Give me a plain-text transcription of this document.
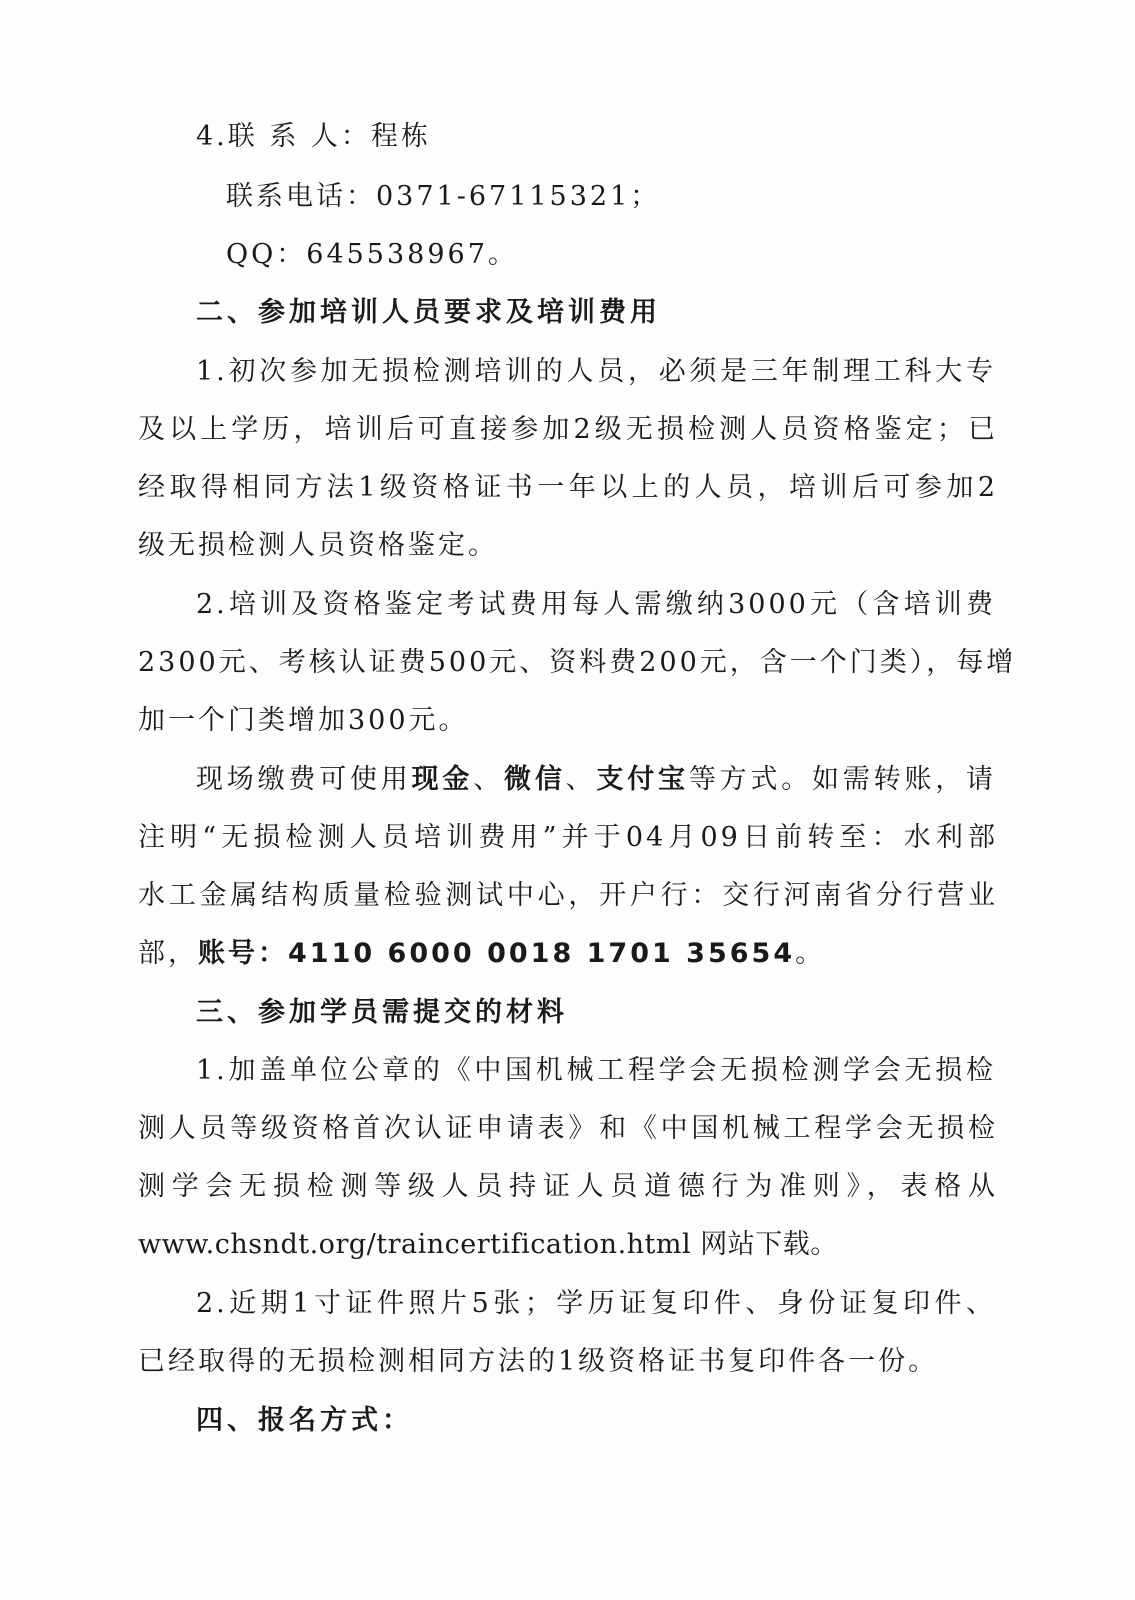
4.联 系 人：程栋
联系电话：0371-67115321；
QQ：645538967。
二、参加培训人员要求及培训费用
1.初次参加无损检测培训的人员，必须是三年制理工科大专
及以上学历，培训后可直接参加2级无损检测人员资格鉴定；已
经取得相同方法1级资格证书一年以上的人员，培训后可参加2
级无损检测人员资格鉴定。
2.培训及资格鉴定考试费用每人需缴纳3000元（含培训费
2300元、考核认证费500元、资料费200元，含一个门类），每增
加一个门类增加300元。
现场缴费可使用现金、微信、支付宝等方式。如需转账，请
注明“无损检测人员培训费用”并于04月09日前转至：水利部
水工金属结构质量检验测试中心，开户行：交行河南省分行营业
部，账号：4110 6000 0018 1701 35654。
三、参加学员需提交的材料
1.加盖单位公章的《中国机械工程学会无损检测学会无损检
测人员等级资格首次认证申请表》和《中国机械工程学会无损检
测学会无损检测等级人员持证人员道德行为准则》，表格从
www.chsndt.org/traincertification.html 网站下载。
2.近期1寸证件照片5张；学历证复印件、身份证复印件、
已经取得的无损检测相同方法的1级资格证书复印件各一份。
四、报名方式：
